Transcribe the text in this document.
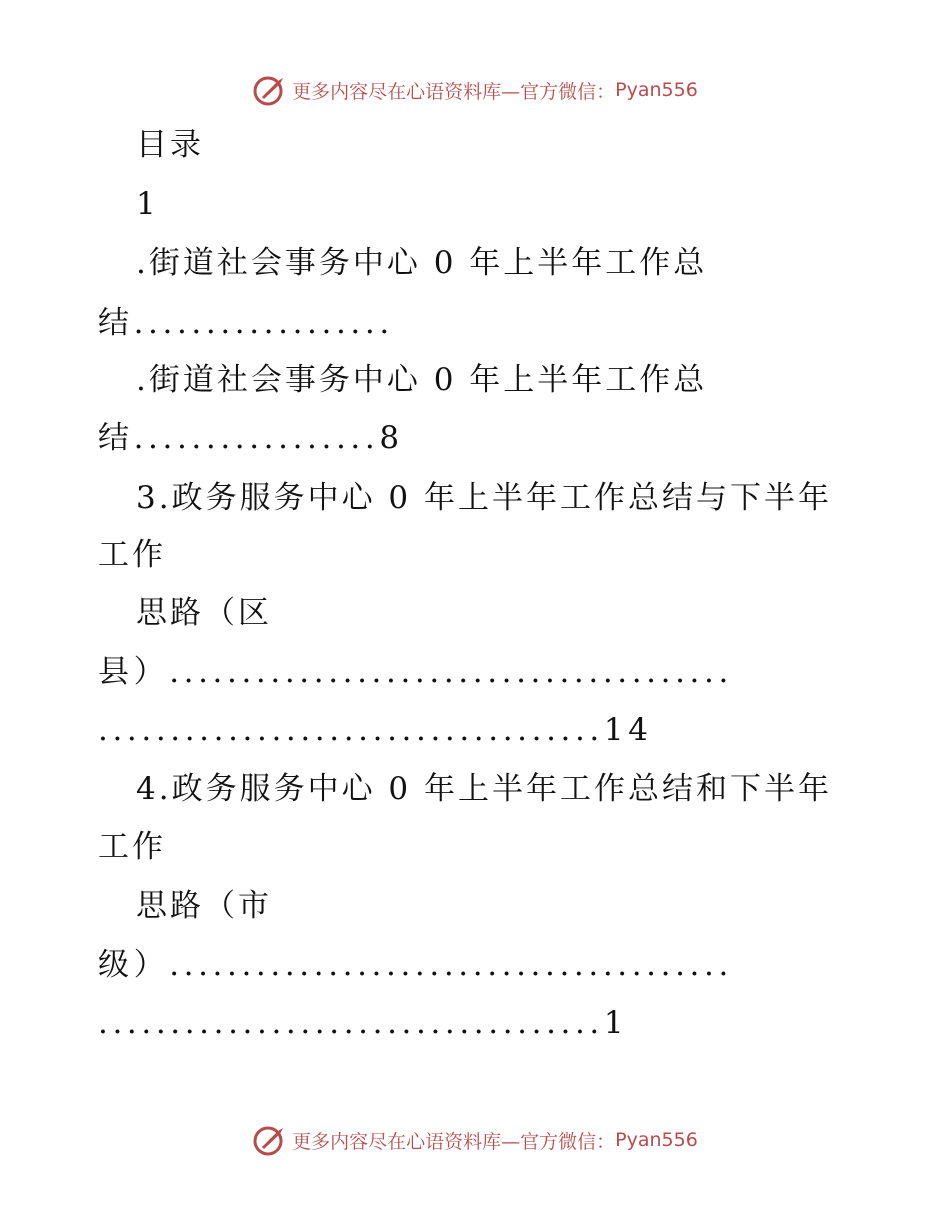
更多内容尽在心语资料库—官方微信： Pyan556
目录
1
.街道社会事务中心 0 年上半年工作总
结..................
.街道社会事务中心 0 年上半年工作总
结.................8
3.政务服务中心 0 年上半年工作总结与下半年
工作
思路（区
县）.......................................
...................................14
4.政务服务中心 0 年上半年工作总结和下半年
工作
思路（市
级）.......................................
...................................1
更多内容尽在心语资料库—官方微信： Pyan556
